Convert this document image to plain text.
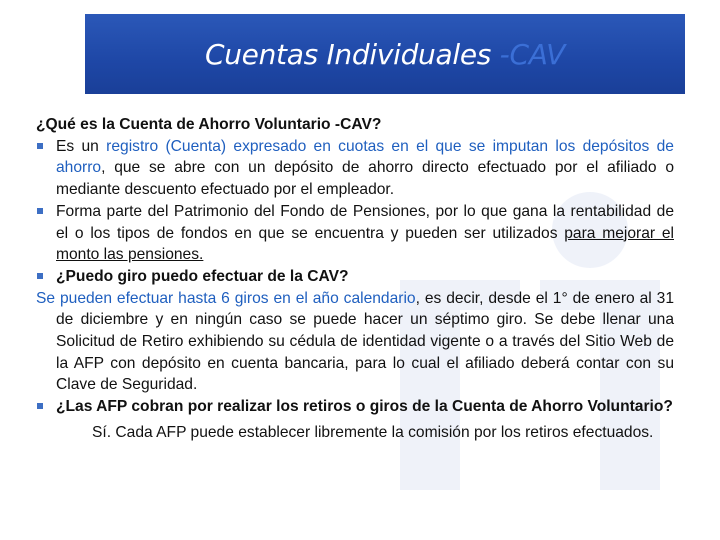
Cuentas Individuales -CAV

¿Qué es la Cuenta de Ahorro Voluntario -CAV?

Es un registro (Cuenta) expresado en cuotas en el que se imputan los depósitos de ahorro, que se abre con un depósito de ahorro directo efectuado por el afiliado o mediante descuento efectuado por el empleador.

Forma parte del Patrimonio del Fondo de Pensiones, por lo que gana la rentabilidad de el o los tipos de fondos en que se encuentra y pueden ser utilizados para mejorar el monto las pensiones.

¿Puedo giro puedo efectuar de la CAV?

Se pueden efectuar hasta 6 giros en el año calendario, es decir, desde el 1° de enero al 31 de diciembre y en ningún caso se puede hacer un séptimo giro. Se debe llenar una Solicitud de Retiro exhibiendo su cédula de identidad vigente o a través del Sitio Web de la AFP con depósito en cuenta bancaria, para lo cual el afiliado deberá contar con su Clave de Seguridad.

¿Las AFP cobran por realizar los retiros o giros de la Cuenta de Ahorro Voluntario?

Sí. Cada AFP puede establecer libremente la comisión por los retiros efectuados.
